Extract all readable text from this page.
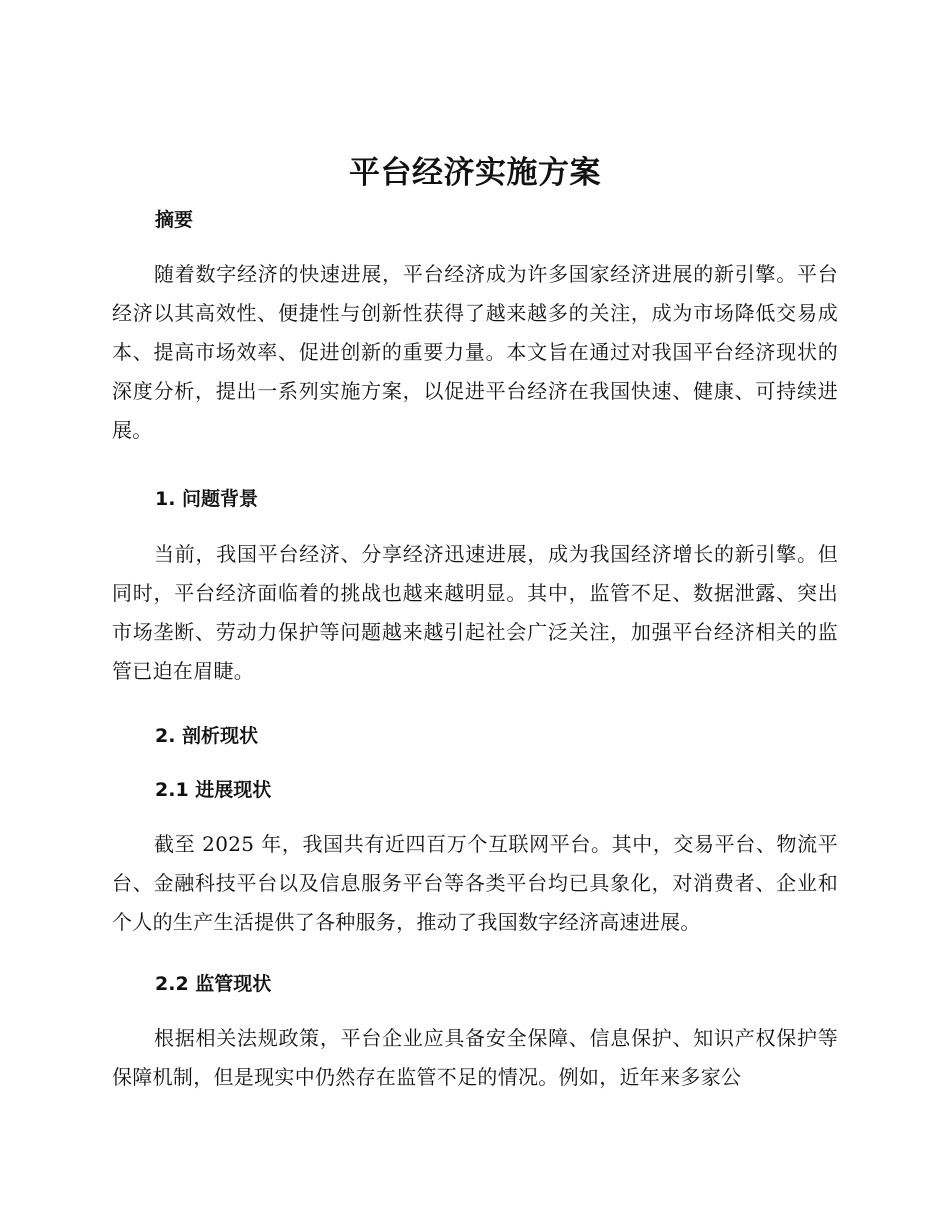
平台经济实施方案
摘要
随着数字经济的快速进展，平台经济成为许多国家经济进展的新引擎。平台经济以其高效性、便捷性与创新性获得了越来越多的关注，成为市场降低交易成本、提高市场效率、促进创新的重要力量。本文旨在通过对我国平台经济现状的深度分析，提出一系列实施方案，以促进平台经济在我国快速、健康、可持续进展。
1. 问题背景
当前，我国平台经济、分享经济迅速进展，成为我国经济增长的新引擎。但同时，平台经济面临着的挑战也越来越明显。其中，监管不足、数据泄露、突出市场垄断、劳动力保护等问题越来越引起社会广泛关注，加强平台经济相关的监管已迫在眉睫。
2. 剖析现状
2.1 进展现状
截至 2025 年，我国共有近四百万个互联网平台。其中，交易平台、物流平台、金融科技平台以及信息服务平台等各类平台均已具象化，对消费者、企业和个人的生产生活提供了各种服务，推动了我国数字经济高速进展。
2.2 监管现状
根据相关法规政策，平台企业应具备安全保障、信息保护、知识产权保护等保障机制，但是现实中仍然存在监管不足的情况。例如，近年来多家公
